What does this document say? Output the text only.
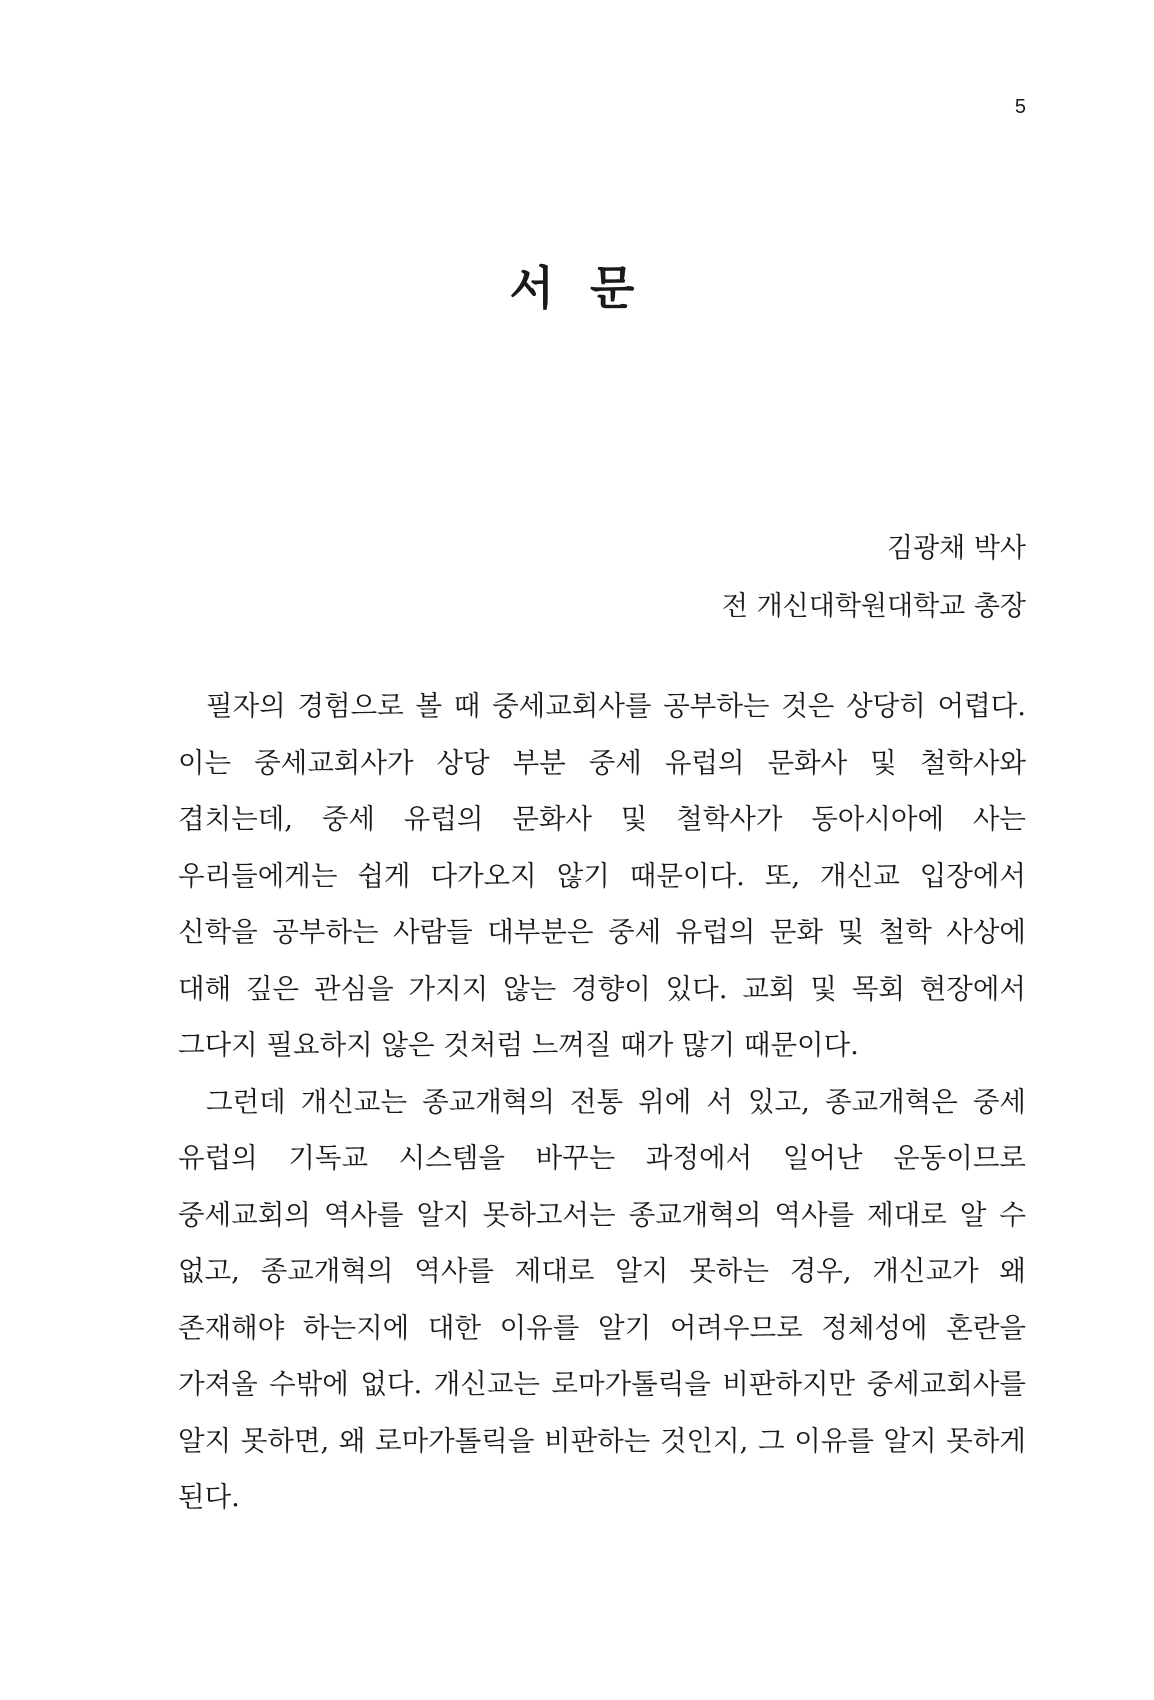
5
서 문
김광채 박사
전 개신대학원대학교 총장

필자의 경험으로 볼 때 중세교회사를 공부하는 것은 상당히 어렵다. 이는 중세교회사가 상당 부분 중세 유럽의 문화사 및 철학사와 겹치는데, 중세 유럽의 문화사 및 철학사가 동아시아에 사는 우리들에게는 쉽게 다가오지 않기 때문이다. 또, 개신교 입장에서 신학을 공부하는 사람들 대부분은 중세 유럽의 문화 및 철학 사상에 대해 깊은 관심을 가지지 않는 경향이 있다. 교회 및 목회 현장에서 그다지 필요하지 않은 것처럼 느껴질 때가 많기 때문이다.

그런데 개신교는 종교개혁의 전통 위에 서 있고, 종교개혁은 중세 유럽의 기독교 시스템을 바꾸는 과정에서 일어난 운동이므로 중세교회의 역사를 알지 못하고서는 종교개혁의 역사를 제대로 알 수 없고, 종교개혁의 역사를 제대로 알지 못하는 경우, 개신교가 왜 존재해야 하는지에 대한 이유를 알기 어려우므로 정체성에 혼란을 가져올 수밖에 없다. 개신교는 로마가톨릭을 비판하지만 중세교회사를 알지 못하면, 왜 로마가톨릭을 비판하는 것인지, 그 이유를 알지 못하게 된다.
